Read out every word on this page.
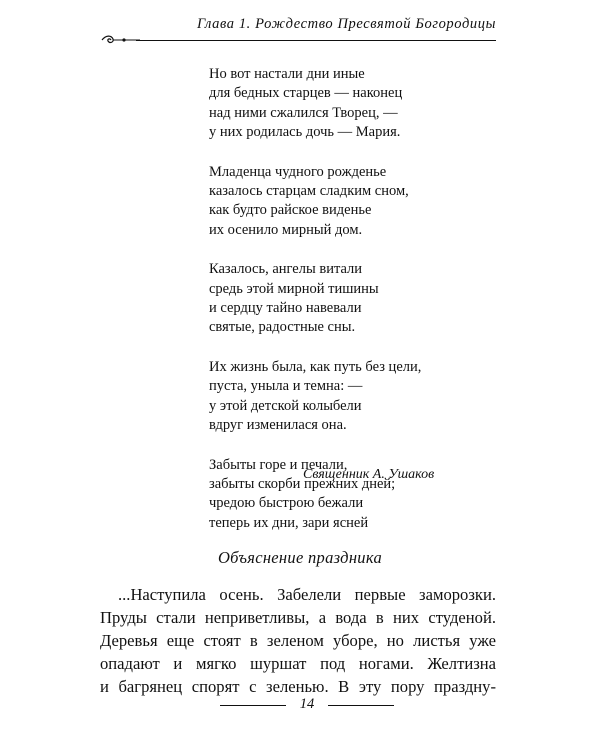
Глава 1. Рождество Пресвятой Богородицы
Но вот настали дни иные
для бедных старцев — наконец
над ними сжалился Творец, —
у них родилась дочь — Мария.
Младенца чудного рожденье
казалось старцам сладким сном,
как будто райское виденье
их осенило мирный дом.
Казалось, ангелы витали
средь этой мирной тишины
и сердцу тайно навевали
святые, радостные сны.
Их жизнь была, как путь без цели,
пуста, уныла и темна: —
у этой детской колыбели
вдруг изменилася она.
Забыты горе и печали,
забыты скорби прежних дней;
чредою быстрою бежали
теперь их дни, зари ясней
Священник А. Ушаков
Объяснение праздника
...Наступила осень. Забелели первые заморозки.
Пруды стали неприветливы, а вода в них студеной.
Деревья еще стоят в зеленом уборе, но листья уже
опадают и мягко шуршат под ногами. Желтизна
и багрянец спорят с зеленью. В эту пору праздну-
14
